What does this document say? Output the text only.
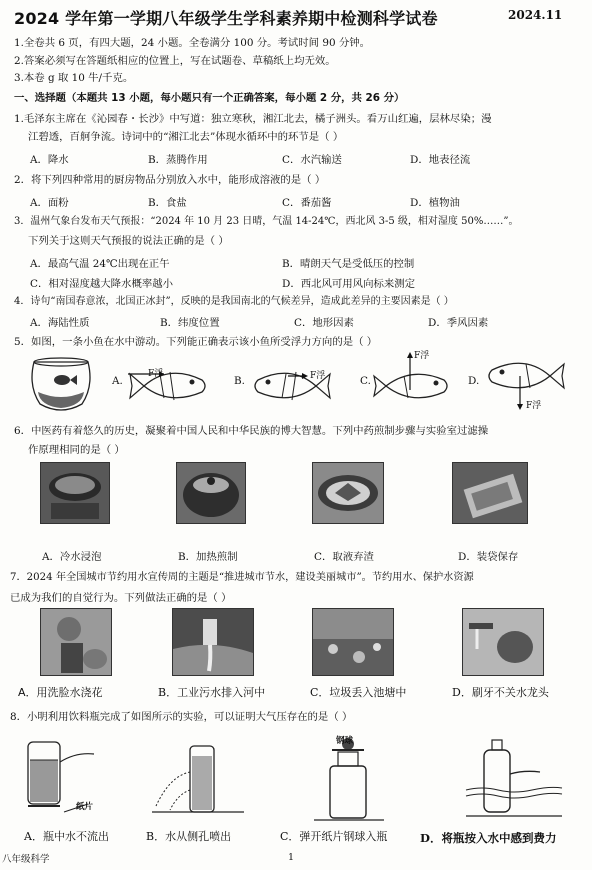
2024 学年第一学期八年级学生学科素养期中检测科学试卷	2024.11
1.全卷共 6 页，有四大题，24 小题。全卷满分 100 分。考试时间 90 分钟。
2.答案必须写在答题纸相应的位置上，写在试题卷、草稿纸上均无效。
3.本卷 g 取 10 牛/千克。
一、选择题（本题共 13 小题，每小题只有一个正确答案，每小题 2 分，共 26 分）
1.毛泽东主席在《沁园春・长沙》中写道：独立寒秋，湘江北去，橘子洲头。看万山红遍，层林尽染；漫
江碧透，百舸争流。诗词中的“湘江北去”体现水循环中的环节是（ ）
A．降水	B．蒸腾作用	C．水汽输送	D．地表径流
2．将下列四种常用的厨房物品分别放入水中，能形成溶液的是（ ）
A．面粉	B．食盐	C．番茄酱	D．植物油
3．温州气象台发布天气预报：“2024 年 10 月 23 日晴，气温 14-24℃，西北风 3-5 级，相对湿度 50%……”。
下列关于这则天气预报的说法正确的是（ ）
A．最高气温 24℃出现在正午	B．晴朗天气是受低压的控制
C．相对湿度越大降水概率越小	D．西北风可用风向标来测定
4．诗句“南国春意浓，北国正冰封”，反映的是我国南北的气候差异，造成此差异的主要因素是（ ）
A．海陆性质	B．纬度位置	C．地形因素	D．季风因素
5．如图，一条小鱼在水中游动。下列能正确表示该小鱼所受浮力方向的是（ ）
A.
F浮
B.	F浮	C.
F浮
D.
F浮
6．中医药有着悠久的历史，凝聚着中国人民和中华民族的博大智慧。下列中药煎制步骤与实验室过滤操
作原理相同的是（ ）
A．冷水浸泡	B．加热煎制	C．取液弃渣	D．装袋保存
7．2024 年全国城市节约用水宣传周的主题是“推进城市节水，建设美丽城市”。节约用水、保护水资源
已成为我们的自觉行为。下列做法正确的是（ ）
A．用洗脸水浇花	B．工业污水排入河中	C．垃圾丢入池塘中	D．刷牙不关水龙头
8．小明利用饮料瓶完成了如图所示的实验，可以证明大气压存在的是（ ）
纸片
钢球
A．瓶中水不流出	B．水从侧孔喷出	C．弹开纸片钢球入瓶	D．将瓶按入水中感到费力
八年级科学	1
